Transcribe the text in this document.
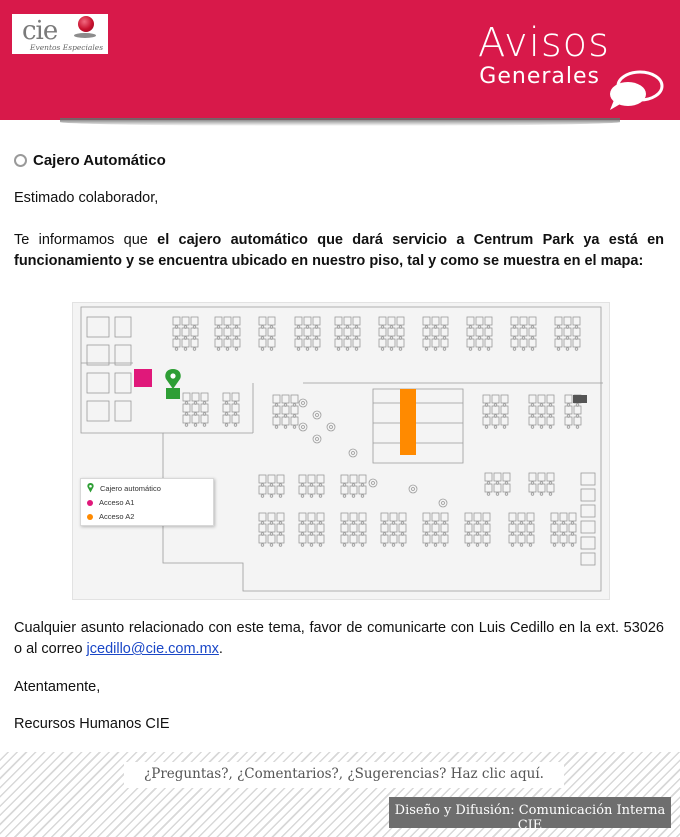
cie
Eventos Especiales	Avisos
Generales
Cajero Automático
Estimado colaborador,
Te informamos que el cajero automático que dará servicio a Centrum Park ya está en funcionamiento y se encuentra ubicado en nuestro piso, tal y como se muestra en el mapa:
Cajero automático
Acceso A1
Acceso A2
Cualquier asunto relacionado con este tema, favor de comunicarte con Luis Cedillo en la ext. 53026 o al correo jcedillo@cie.com.mx.
Atentamente,
Recursos Humanos CIE
¿Preguntas?, ¿Comentarios?, ¿Sugerencias? Haz clic aquí.
Diseño y Difusión: Comunicación Interna CIE
